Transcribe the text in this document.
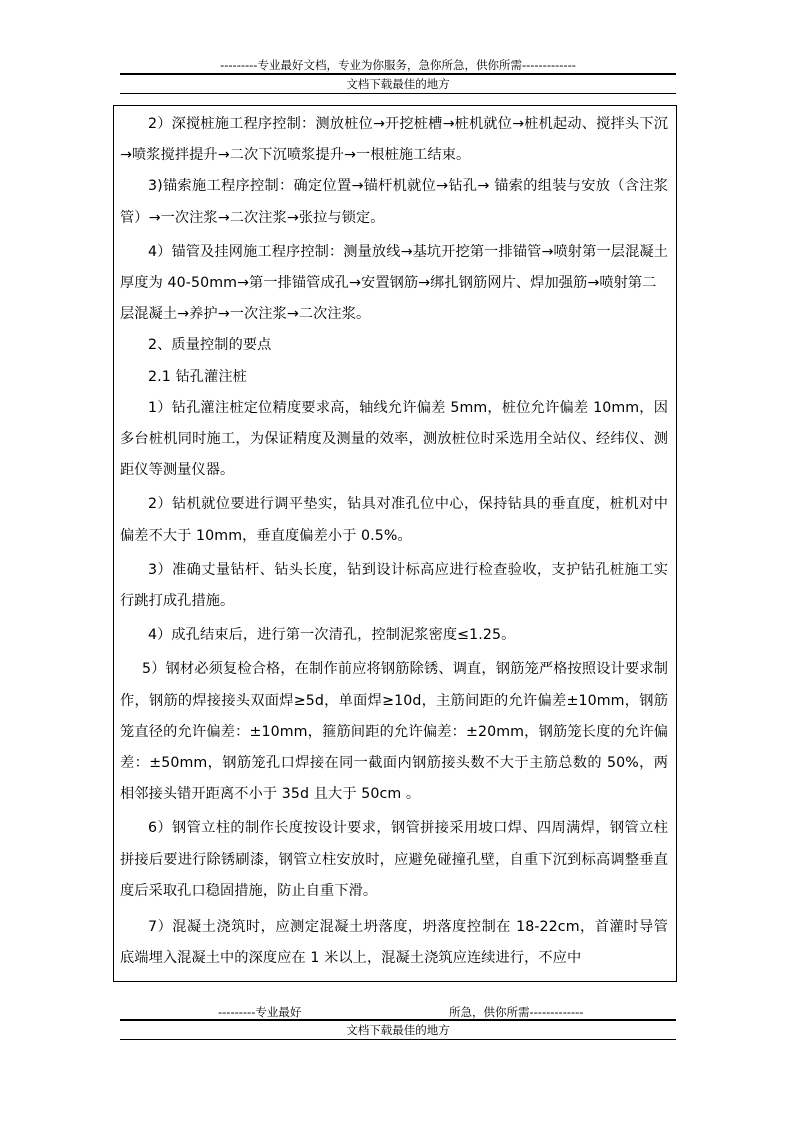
---------专业最好文档，专业为你服务，急你所急，供你所需-------------
文档下载最佳的地方

2）深搅桩施工程序控制：测放桩位→开挖桩槽→桩机就位→桩机起动、搅拌头下沉→喷浆搅拌提升→二次下沉喷浆提升→一根桩施工结束。

3)锚索施工程序控制：确定位置→锚杆机就位→钻孔→ 锚索的组装与安放（含注浆管）→一次注浆→二次注浆→张拉与锁定。

4）锚管及挂网施工程序控制：测量放线→基坑开挖第一排锚管→喷射第一层混凝土厚度为 40-50mm→第一排锚管成孔→安置钢筋→绑扎钢筋网片、焊加强筋→喷射第二

层混凝土→养护→一次注浆→二次注浆。

2、质量控制的要点

2.1 钻孔灌注桩

1）钻孔灌注桩定位精度要求高，轴线允许偏差 5mm，桩位允许偏差 10mm，因多台桩机同时施工，为保证精度及测量的效率，测放桩位时采选用全站仪、经纬仪、测距仪等测量仪器。

2）钻机就位要进行调平垫实，钻具对准孔位中心，保持钻具的垂直度，桩机对中偏差不大于 10mm，垂直度偏差小于 0.5%。

3）准确丈量钻杆、钻头长度，钻到设计标高应进行检查验收，支护钻孔桩施工实行跳打成孔措施。

4）成孔结束后，进行第一次清孔，控制泥浆密度≤1.25。

5）钢材必须复检合格，在制作前应将钢筋除锈、调直，钢筋笼严格按照设计要求制作，钢筋的焊接接头双面焊≥5d，单面焊≥10d，主筋间距的允许偏差±10mm，钢筋笼直径的允许偏差：±10mm，箍筋间距的允许偏差：±20mm，钢筋笼长度的允许偏差：±50mm，钢筋笼孔口焊接在同一截面内钢筋接头数不大于主筋总数的 50%，两相邻接头错开距离不小于 35d 且大于 50cm 。

6）钢管立柱的制作长度按设计要求，钢管拼接采用坡口焊、四周满焊，钢管立柱拼接后要进行除锈刷漆，钢管立柱安放时，应避免碰撞孔壁，自重下沉到标高调整垂直度后采取孔口稳固措施，防止自重下滑。

7）混凝土浇筑时，应测定混凝土坍落度，坍落度控制在 18-22cm，首灌时导管底端埋入混凝土中的深度应在 1 米以上，混凝土浇筑应连续进行，不应中

---------专业最好	所急，供你所需-------------
文档下载最佳的地方
